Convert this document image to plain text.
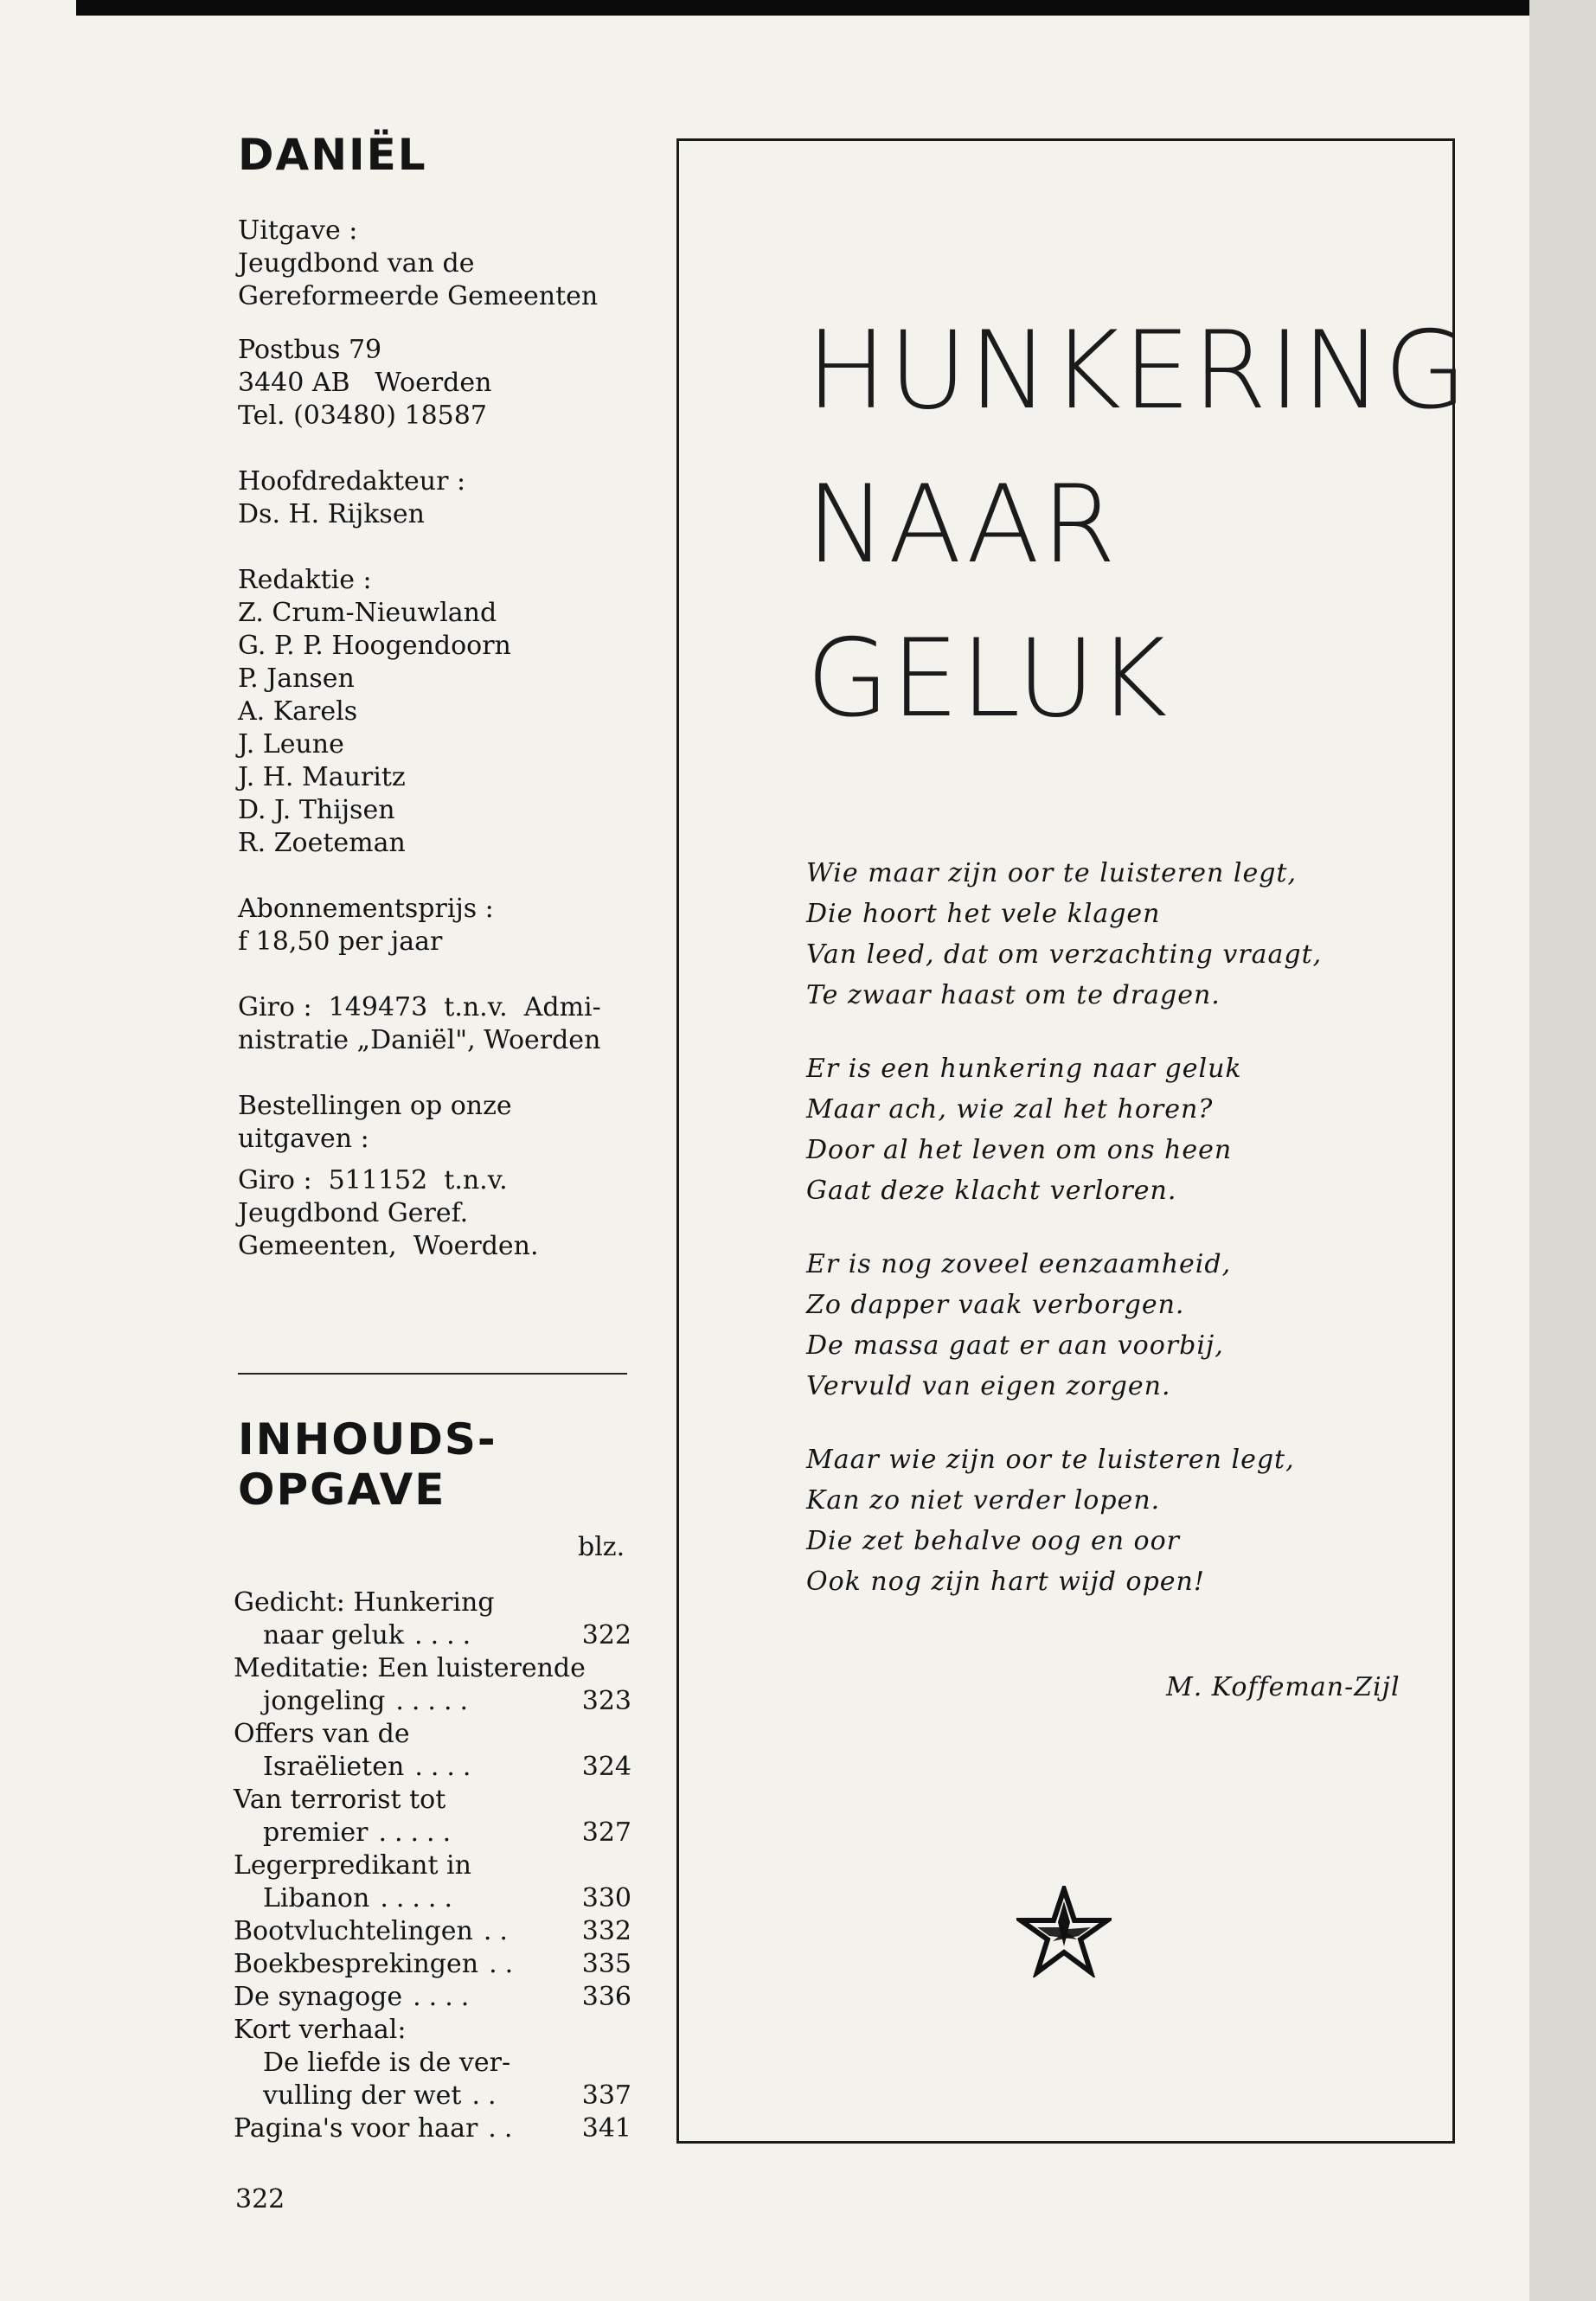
DANIËL

Uitgave :

Jeugdbond van de

Gereformeerde Gemeenten

Postbus 79

3440 AB   Woerden

Tel. (03480) 18587

Hoofdredakteur :

Ds. H. Rijksen

Redaktie :

Z. Crum-Nieuwland

G. P. P. Hoogendoorn

P. Jansen

A. Karels

J. Leune

J. H. Mauritz

D. J. Thijsen

R. Zoeteman

Abonnementsprijs :

f 18,50 per jaar

Giro :  149473  t.n.v.  Admi-

nistratie „Daniël", Woerden

Bestellingen op onze

uitgaven :

Giro :  511152  t.n.v.

Jeugdbond Geref.

Gemeenten,  Woerden.

INHOUDS-
OPGAVE
blz.
Gedicht: Hunkering
naar geluk ....	322
Meditatie: Een luisterende
jongeling .....	323
Offers van de
Israëlieten ....	324
Van terrorist tot
premier .....	327
Legerpredikant in
Libanon .....	330
Bootvluchtelingen ..	332
Boekbesprekingen .. 335
De synagoge ....	336
Kort verhaal:
De liefde is de ver-
vulling der wet ..	337
Pagina's voor haar .. 341
322
HUNKERING
NAAR
GELUK
Wie maar zijn oor te luisteren legt,
Die hoort het vele klagen
Van leed, dat om verzachting vraagt,
Te zwaar haast om te dragen.
Er is een hunkering naar geluk
Maar ach, wie zal het horen?
Door al het leven om ons heen
Gaat deze klacht verloren.
Er is nog zoveel eenzaamheid,
Zo dapper vaak verborgen.
De massa gaat er aan voorbij,
Vervuld van eigen zorgen.
Maar wie zijn oor te luisteren legt,
Kan zo niet verder lopen.
Die zet behalve oog en oor
Ook nog zijn hart wijd open!
M. Koffeman-Zijl
